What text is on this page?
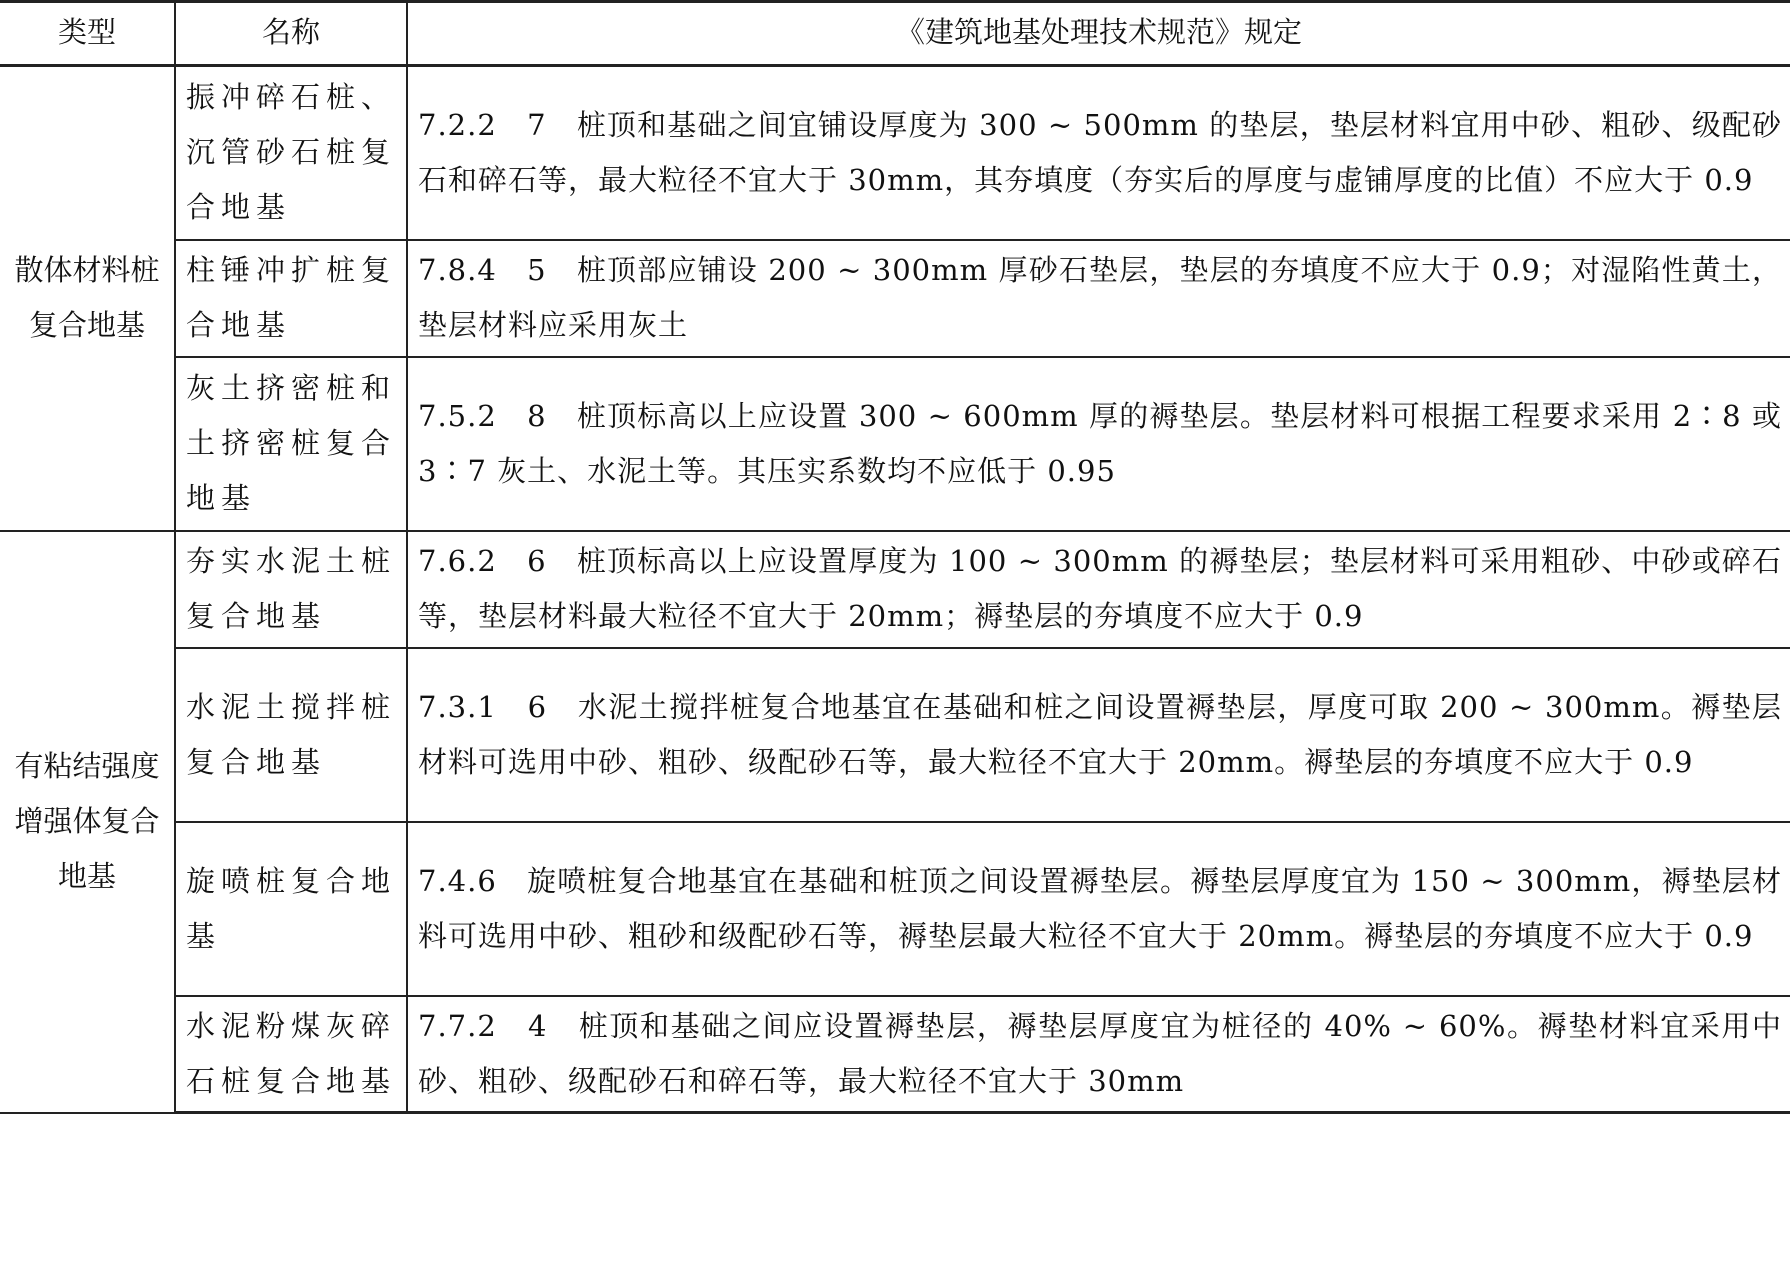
类型	名称	《建筑地基处理技术规范》规定
散体材料桩复合地基	振冲碎石桩、沉管砂石桩复合地基	7.2.2　7　桩顶和基础之间宜铺设厚度为 300 ~ 500mm 的垫层，垫层材料宜用中砂、粗砂、级配砂石和碎石等，最大粒径不宜大于 30mm，其夯填度（夯实后的厚度与虚铺厚度的比值）不应大于 0.9
	柱锤冲扩桩复合地基	7.8.4　5　桩顶部应铺设 200 ~ 300mm 厚砂石垫层，垫层的夯填度不应大于 0.9；对湿陷性黄土，垫层材料应采用灰土
	灰土挤密桩和土挤密桩复合地基	7.5.2　8　桩顶标高以上应设置 300 ~ 600mm 厚的褥垫层。垫层材料可根据工程要求采用 2∶8 或 3∶7 灰土、水泥土等。其压实系数均不应低于 0.95
有粘结强度增强体复合地基	夯实水泥土桩复合地基	7.6.2　6　桩顶标高以上应设置厚度为 100 ~ 300mm 的褥垫层；垫层材料可采用粗砂、中砂或碎石等，垫层材料最大粒径不宜大于 20mm；褥垫层的夯填度不应大于 0.9
	水泥土搅拌桩复合地基	7.3.1　6　水泥土搅拌桩复合地基宜在基础和桩之间设置褥垫层，厚度可取 200 ~ 300mm。褥垫层材料可选用中砂、粗砂、级配砂石等，最大粒径不宜大于 20mm。褥垫层的夯填度不应大于 0.9
	旋喷桩复合地基	7.4.6　旋喷桩复合地基宜在基础和桩顶之间设置褥垫层。褥垫层厚度宜为 150 ~ 300mm，褥垫层材料可选用中砂、粗砂和级配砂石等，褥垫层最大粒径不宜大于 20mm。褥垫层的夯填度不应大于 0.9
	水泥粉煤灰碎石桩复合地基	7.7.2　4　桩顶和基础之间应设置褥垫层，褥垫层厚度宜为桩径的 40% ~ 60%。褥垫材料宜采用中砂、粗砂、级配砂石和碎石等，最大粒径不宜大于 30mm
